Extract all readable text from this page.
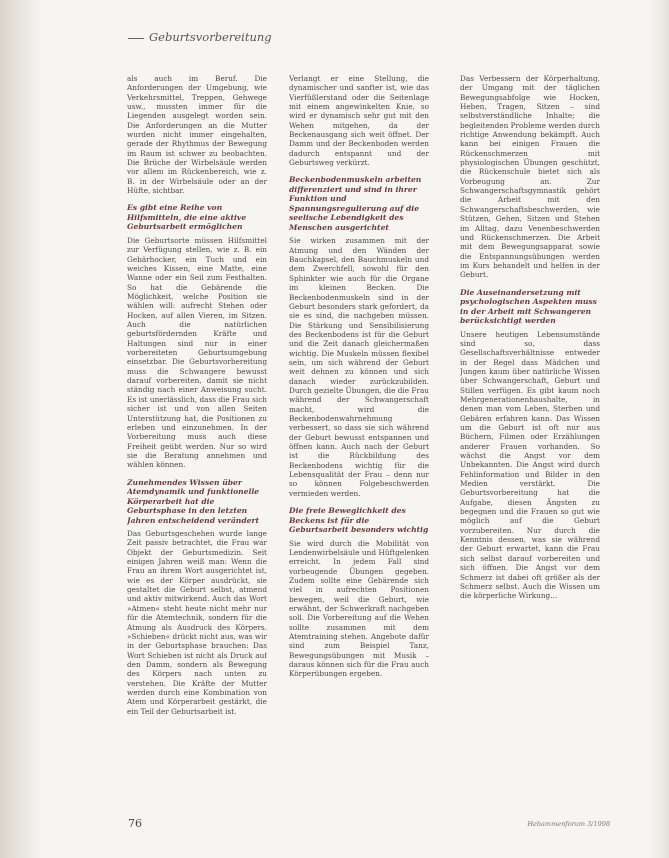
Geburtsvorbereitung

als auch im Beruf. Die Anforderungen der Umgebung, wie Verkehrsmittel, Treppen, Gehwege usw., mussten immer für die Liegenden ausgelegt worden sein. Die Anforderungen an die Mutter wurden nicht immer eingehalten, gerade der Rhythmus der Bewegung im Raum ist schwer zu beobachten. Die Brüche der Wirbelsäule werden vor allem im Rückenbereich, wie z. B. in der Wirbelsäule oder an der Hüfte, sichtbar.

Es gibt eine Reihe von Hilfsmitteln, die eine aktive Geburtsarbeit ermöglichen

Die Geburtsorte müssen Hilfsmittel zur Verfügung stellen, wie z. B. ein Gebärhocker, ein Tuch und ein weiches Kissen, eine Matte, eine Wanne oder ein Seil zum Festhalten. So hat die Gebärende die Möglichkeit, welche Position sie wählen will: aufrecht Stehen oder Hocken, auf allen Vieren, im Sitzen. Auch die natürlichen geburtsfördernden Kräfte und Haltungen sind nur in einer vorbereiteten Geburtsumgebung einsetzbar. Die Geburtsvorbereitung muss die Schwangere bewusst darauf vorbereiten, damit sie nicht ständig nach einer Anweisung sucht. Es ist unerlässlich, dass die Frau sich sicher ist und von allen Seiten Unterstützung hat, die Positionen zu erleben und einzunehmen. In der Vorbereitung muss auch diese Freiheit geübt werden. Nur so wird sie die Beratung annehmen und wählen können.

Zunehmendes Wissen über Atemdynamik und funktionelle Körperarbeit hat die Geburtsphase in den letzten Jahren entscheidend verändert

Das Geburtsgeschehen wurde lange Zeit passiv betrachtet, die Frau war Objekt der Geburtsmedizin. Seit einigen Jahren weiß man: Wenn die Frau an ihrem Wort ausgerichtet ist, wie es der Körper ausdrückt, sie gestaltet die Geburt selbst, atmend und aktiv mitwirkend. Auch das Wort »Atmen« steht heute nicht mehr nur für die Atemtechnik, sondern für die Atmung als Ausdruck des Körpers. »Schieben« drückt nicht aus, was wir in der Geburtsphase brauchen: Das Wort Schieben ist nicht als Druck auf den Damm, sondern als Bewegung des Körpers nach unten zu verstehen. Die Kräfte der Mutter werden durch eine Kombination von Atem und Körperarbeit gestärkt, die ein Teil der Geburtsarbeit ist.

Verlangt er eine Stellung, die dynamischer und sanfter ist, wie das Vierfüßlerstand oder die Seitenlage mit einem angewinkelten Knie, so wird er dynamisch sehr gut mit den Wehen mitgehen, da der Beckenausgang sich weit öffnet. Der Damm und der Beckenboden werden dadurch entspannt und der Geburtsweg verkürzt.

Beckenbodenmuskeln arbeiten differenziert und sind in ihrer Funktion und Spannungsregulierung auf die seelische Lebendigkeit des Menschen ausgerichtet

Sie wirken zusammen mit der Atmung und den Wänden der Bauchkapsel, den Bauchmuskeln und dem Zwerchfell, sowohl für den Sphinkter wie auch für die Organe im kleinen Becken. Die Beckenbodenmuskeln sind in der Geburt besonders stark gefordert, da sie es sind, die nachgeben müssen. Die Stärkung und Sensibilisierung des Beckenbodens ist für die Geburt und die Zeit danach gleichermaßen wichtig. Die Muskeln müssen flexibel sein, um sich während der Geburt weit dehnen zu können und sich danach wieder zurückzubilden. Durch gezielte Übungen, die die Frau während der Schwangerschaft macht, wird die Beckenbodenwahrnehmung verbessert, so dass sie sich während der Geburt bewusst entspannen und öffnen kann. Auch nach der Geburt ist die Rückbildung des Beckenbodens wichtig für die Lebensqualität der Frau – denn nur so können Folgebeschwerden vermieden werden.

Die freie Beweglichkeit des Beckens ist für die Geburtsarbeit besonders wichtig

Sie wird durch die Mobilität von Lendenwirbelsäule und Hüftgelenken erreicht. In jedem Fall sind vorbeugende Übungen gegeben. Zudem sollte eine Gebärende sich viel in aufrechten Positionen bewegen, weil die Geburt, wie erwähnt, der Schwerkraft nachgeben soll. Die Vorbereitung auf die Wehen sollte zusammen mit dem Atemtraining stehen. Angebote dafür sind zum Beispiel Tanz, Bewegungsübungen mit Musik – daraus können sich für die Frau auch Körperübungen ergeben.

Das Verbessern der Körperhaltung, der Umgang mit der täglichen Bewegungsabfolge wie Hocken, Heben, Tragen, Sitzen – sind selbstverständliche Inhalte; die begleitenden Probleme werden durch richtige Anwendung bekämpft. Auch kann bei einigen Frauen die Rückenschmerzen mit physiologischen Übungen geschützt, die Rückenschule bietet sich als Vorbeugung an. Zur Schwangerschaftsgymnastik gehört die Arbeit mit den Schwangerschaftsbeschwerden, wie Stützen, Gehen, Sitzen und Stehen im Alltag, dazu Venenbeschwerden und Rückenschmerzen. Die Arbeit mit dem Bewegungsapparat sowie die Entspannungsübungen werden im Kurs behandelt und helfen in der Geburt.

Die Auseinandersetzung mit psychologischen Aspekten muss in der Arbeit mit Schwangeren berücksichtigt werden

Unsere heutigen Lebensumstände sind so, dass Gesellschaftsverhältnisse entweder in der Regel dass Mädchen und Jungen kaum über natürliche Wissen über Schwangerschaft, Geburt und Stillen verfügen. Es gibt kaum noch Mehrgenerationenhaushalte, in denen man vom Leben, Sterben und Gebären erfahren kann. Das Wissen um die Geburt ist oft nur aus Büchern, Filmen oder Erzählungen anderer Frauen vorhanden. So wächst die Angst vor dem Unbekannten. Die Angst wird durch Fehlinformation und Bilder in den Medien verstärkt. Die Geburtsvorbereitung hat die Aufgabe, diesen Ängsten zu begegnen und die Frauen so gut wie möglich auf die Geburt vorzubereiten. Nur durch die Kenntnis dessen, was sie während der Geburt erwartet, kann die Frau sich selbst darauf vorbereiten und sich öffnen. Die Angst vor dem Schmerz ist dabei oft größer als der Schmerz selbst. Auch die Wissen um die körperliche Wirkung...

76	Hebammenforum 3/1998
